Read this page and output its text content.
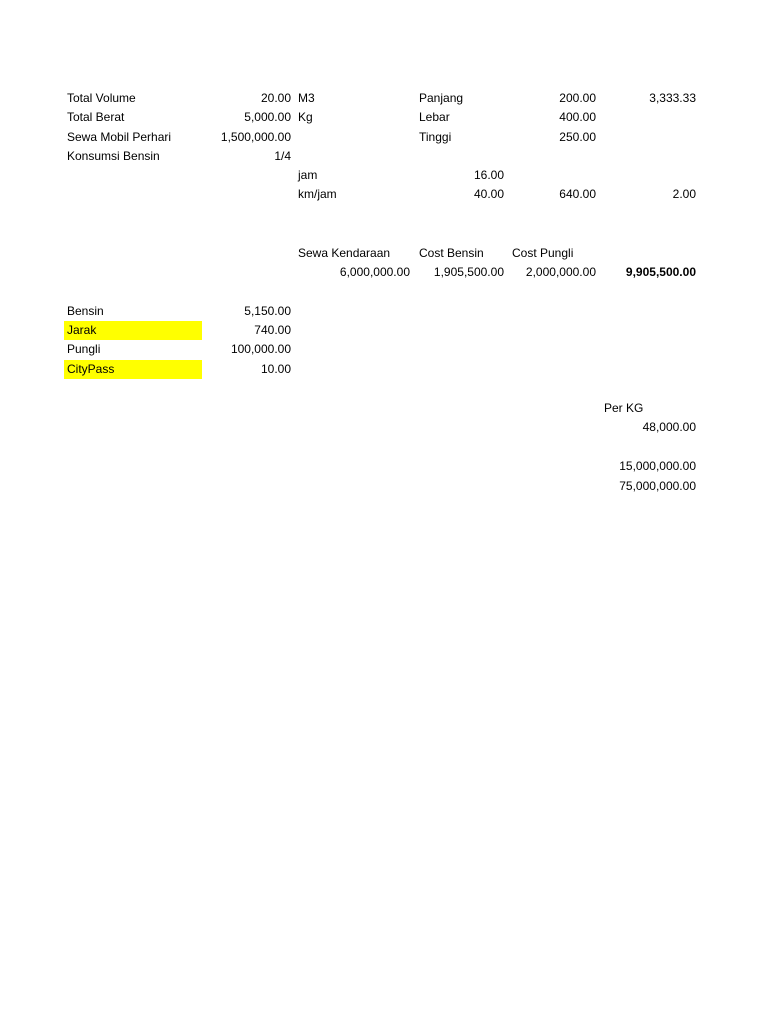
Total Volume	20.00 M3	Panjang	200.00	3,333.33
Total Berat	5,000.00 Kg	Lebar	400.00
Sewa Mobil Perhari	1,500,000.00	Tinggi	250.00
Konsumsi Bensin	1/4
jam	16.00
km/jam	40.00	640.00	2.00
Sewa Kendaraan	Cost Bensin	Cost Pungli
6,000,000.00	1,905,500.00	2,000,000.00	9,905,500.00
Bensin	5,150.00
Jarak	740.00
Pungli	100,000.00
CityPass	10.00
Per KG
48,000.00
15,000,000.00
75,000,000.00
